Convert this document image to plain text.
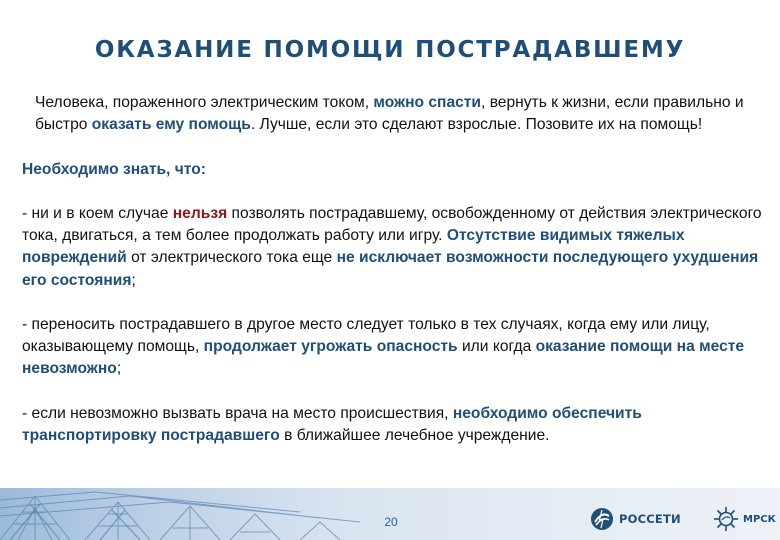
ОКАЗАНИЕ ПОМОЩИ ПОСТРАДАВШЕМУ

Человека, пораженного электрическим током, можно спасти, вернуть к жизни, если правильно и быстро оказать ему помощь. Лучше, если это сделают взрослые. Позовите их на помощь!

Необходимо знать, что:

- ни и в коем случае нельзя позволять пострадавшему, освобожденному от действия электрического тока, двигаться, а тем более продолжать работу или игру. Отсутствие видимых тяжелых повреждений от электрического тока еще не исключает возможности последующего ухудшения его состояния;

- переносить пострадавшего в другое место следует только в тех случаях, когда ему или лицу, оказывающему помощь, продолжает угрожать опасность или когда оказание помощи на месте невозможно;

- если невозможно вызвать врача на место происшествия, необходимо обеспечить транспортировку пострадавшего в ближайшее лечебное учреждение.

20	РОССЕТИ	МРСК
